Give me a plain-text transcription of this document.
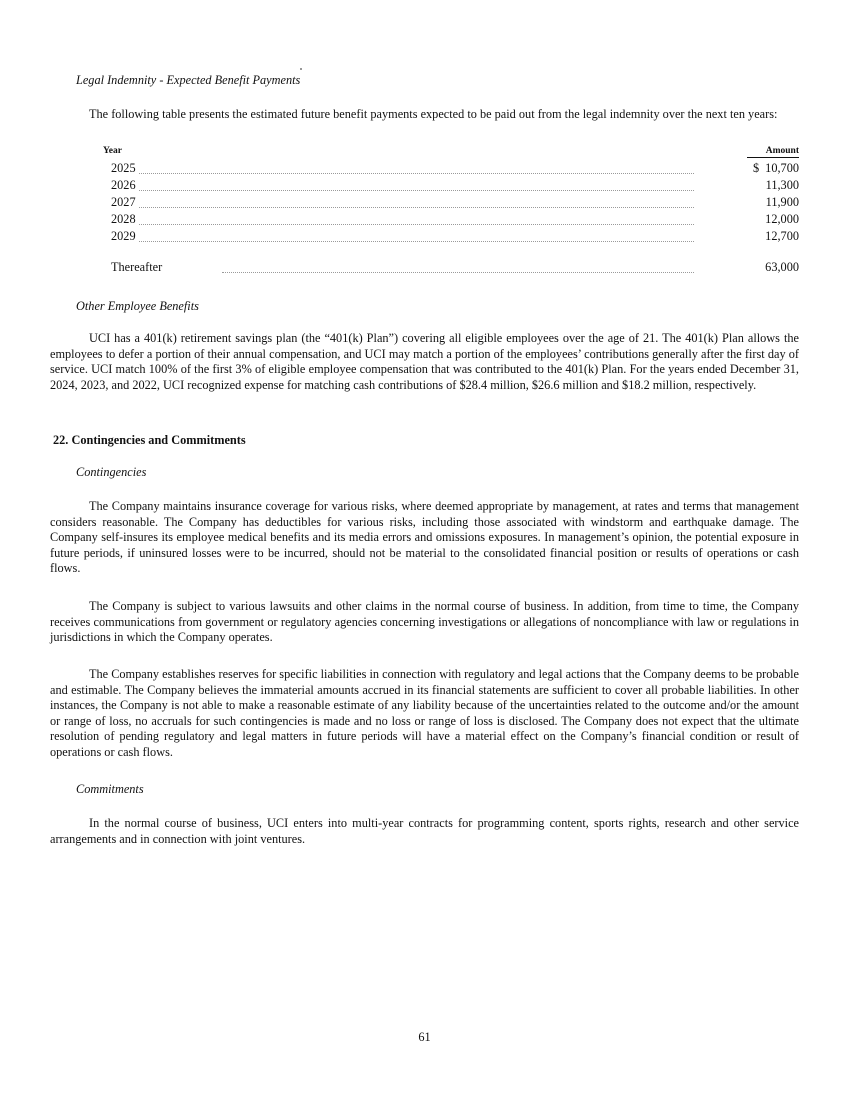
Legal Indemnity - Expected Benefit Payments
The following table presents the estimated future benefit payments expected to be paid out from the legal indemnity over the next ten years:
Year	Amount
2025	$ 10,700
2026	11,300
2027	11,900
2028	12,000
2029	12,700
Thereafter	63,000
Other Employee Benefits
UCI has a 401(k) retirement savings plan (the “401(k) Plan”) covering all eligible employees over the age of 21. The 401(k) Plan allows the employees to defer a portion of their annual compensation, and UCI may match a portion of the employees’ contributions generally after the first day of service. UCI match 100% of the first 3% of eligible employee compensation that was contributed to the 401(k) Plan. For the years ended December 31, 2024, 2023, and 2022, UCI recognized expense for matching cash contributions of $28.4 million, $26.6 million and $18.2 million, respectively.
22. Contingencies and Commitments
Contingencies
The Company maintains insurance coverage for various risks, where deemed appropriate by management, at rates and terms that management considers reasonable. The Company has deductibles for various risks, including those associated with windstorm and earthquake damage. The Company self-insures its employee medical benefits and its media errors and omissions exposures. In management’s opinion, the potential exposure in future periods, if uninsured losses were to be incurred, should not be material to the consolidated financial position or results of operations or cash flows.
The Company is subject to various lawsuits and other claims in the normal course of business. In addition, from time to time, the Company receives communications from government or regulatory agencies concerning investigations or allegations of noncompliance with law or regulations in jurisdictions in which the Company operates.
The Company establishes reserves for specific liabilities in connection with regulatory and legal actions that the Company deems to be probable and estimable. The Company believes the immaterial amounts accrued in its financial statements are sufficient to cover all probable liabilities. In other instances, the Company is not able to make a reasonable estimate of any liability because of the uncertainties related to the outcome and/or the amount or range of loss, no accruals for such contingencies is made and no loss or range of loss is disclosed. The Company does not expect that the ultimate resolution of pending regulatory and legal matters in future periods will have a material effect on the Company’s financial condition or result of operations or cash flows.
Commitments
In the normal course of business, UCI enters into multi-year contracts for programming content, sports rights, research and other service arrangements and in connection with joint ventures.
61
